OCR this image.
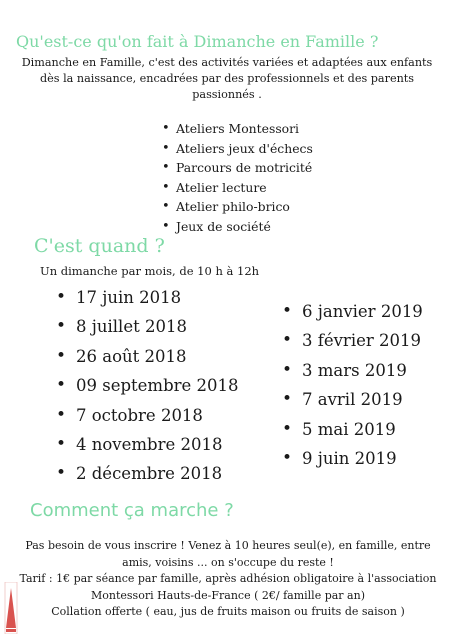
Qu'est-ce qu'on fait à Dimanche en Famille ?
Dimanche en Famille, c'est des activités variées et adaptées aux enfants dès la naissance, encadrées par des professionnels et des parents passionnés .
• Ateliers Montessori
• Ateliers jeux d'échecs
• Parcours de motricité
• Atelier lecture
• Atelier philo-brico
• Jeux de société
C'est quand ?
Un dimanche par mois, de 10 h à 12h
• 17 juin 2018
• 8 juillet 2018
• 26 août 2018
• 09 septembre 2018
• 7 octobre 2018
• 4 novembre 2018
• 2 décembre 2018
• 6 janvier 2019
• 3 février 2019
• 3 mars 2019
• 7 avril 2019
• 5 mai 2019
• 9 juin 2019
Comment ça marche ?
Pas besoin de vous inscrire ! Venez à 10 heures seul(e), en famille, entre
amis, voisins ... on s'occupe du reste !
Tarif : 1€ par séance par famille, après adhésion obligatoire à l'association
Montessori Hauts-de-France ( 2€/ famille par an)
Collation offerte ( eau, jus de fruits maison ou fruits de saison )
